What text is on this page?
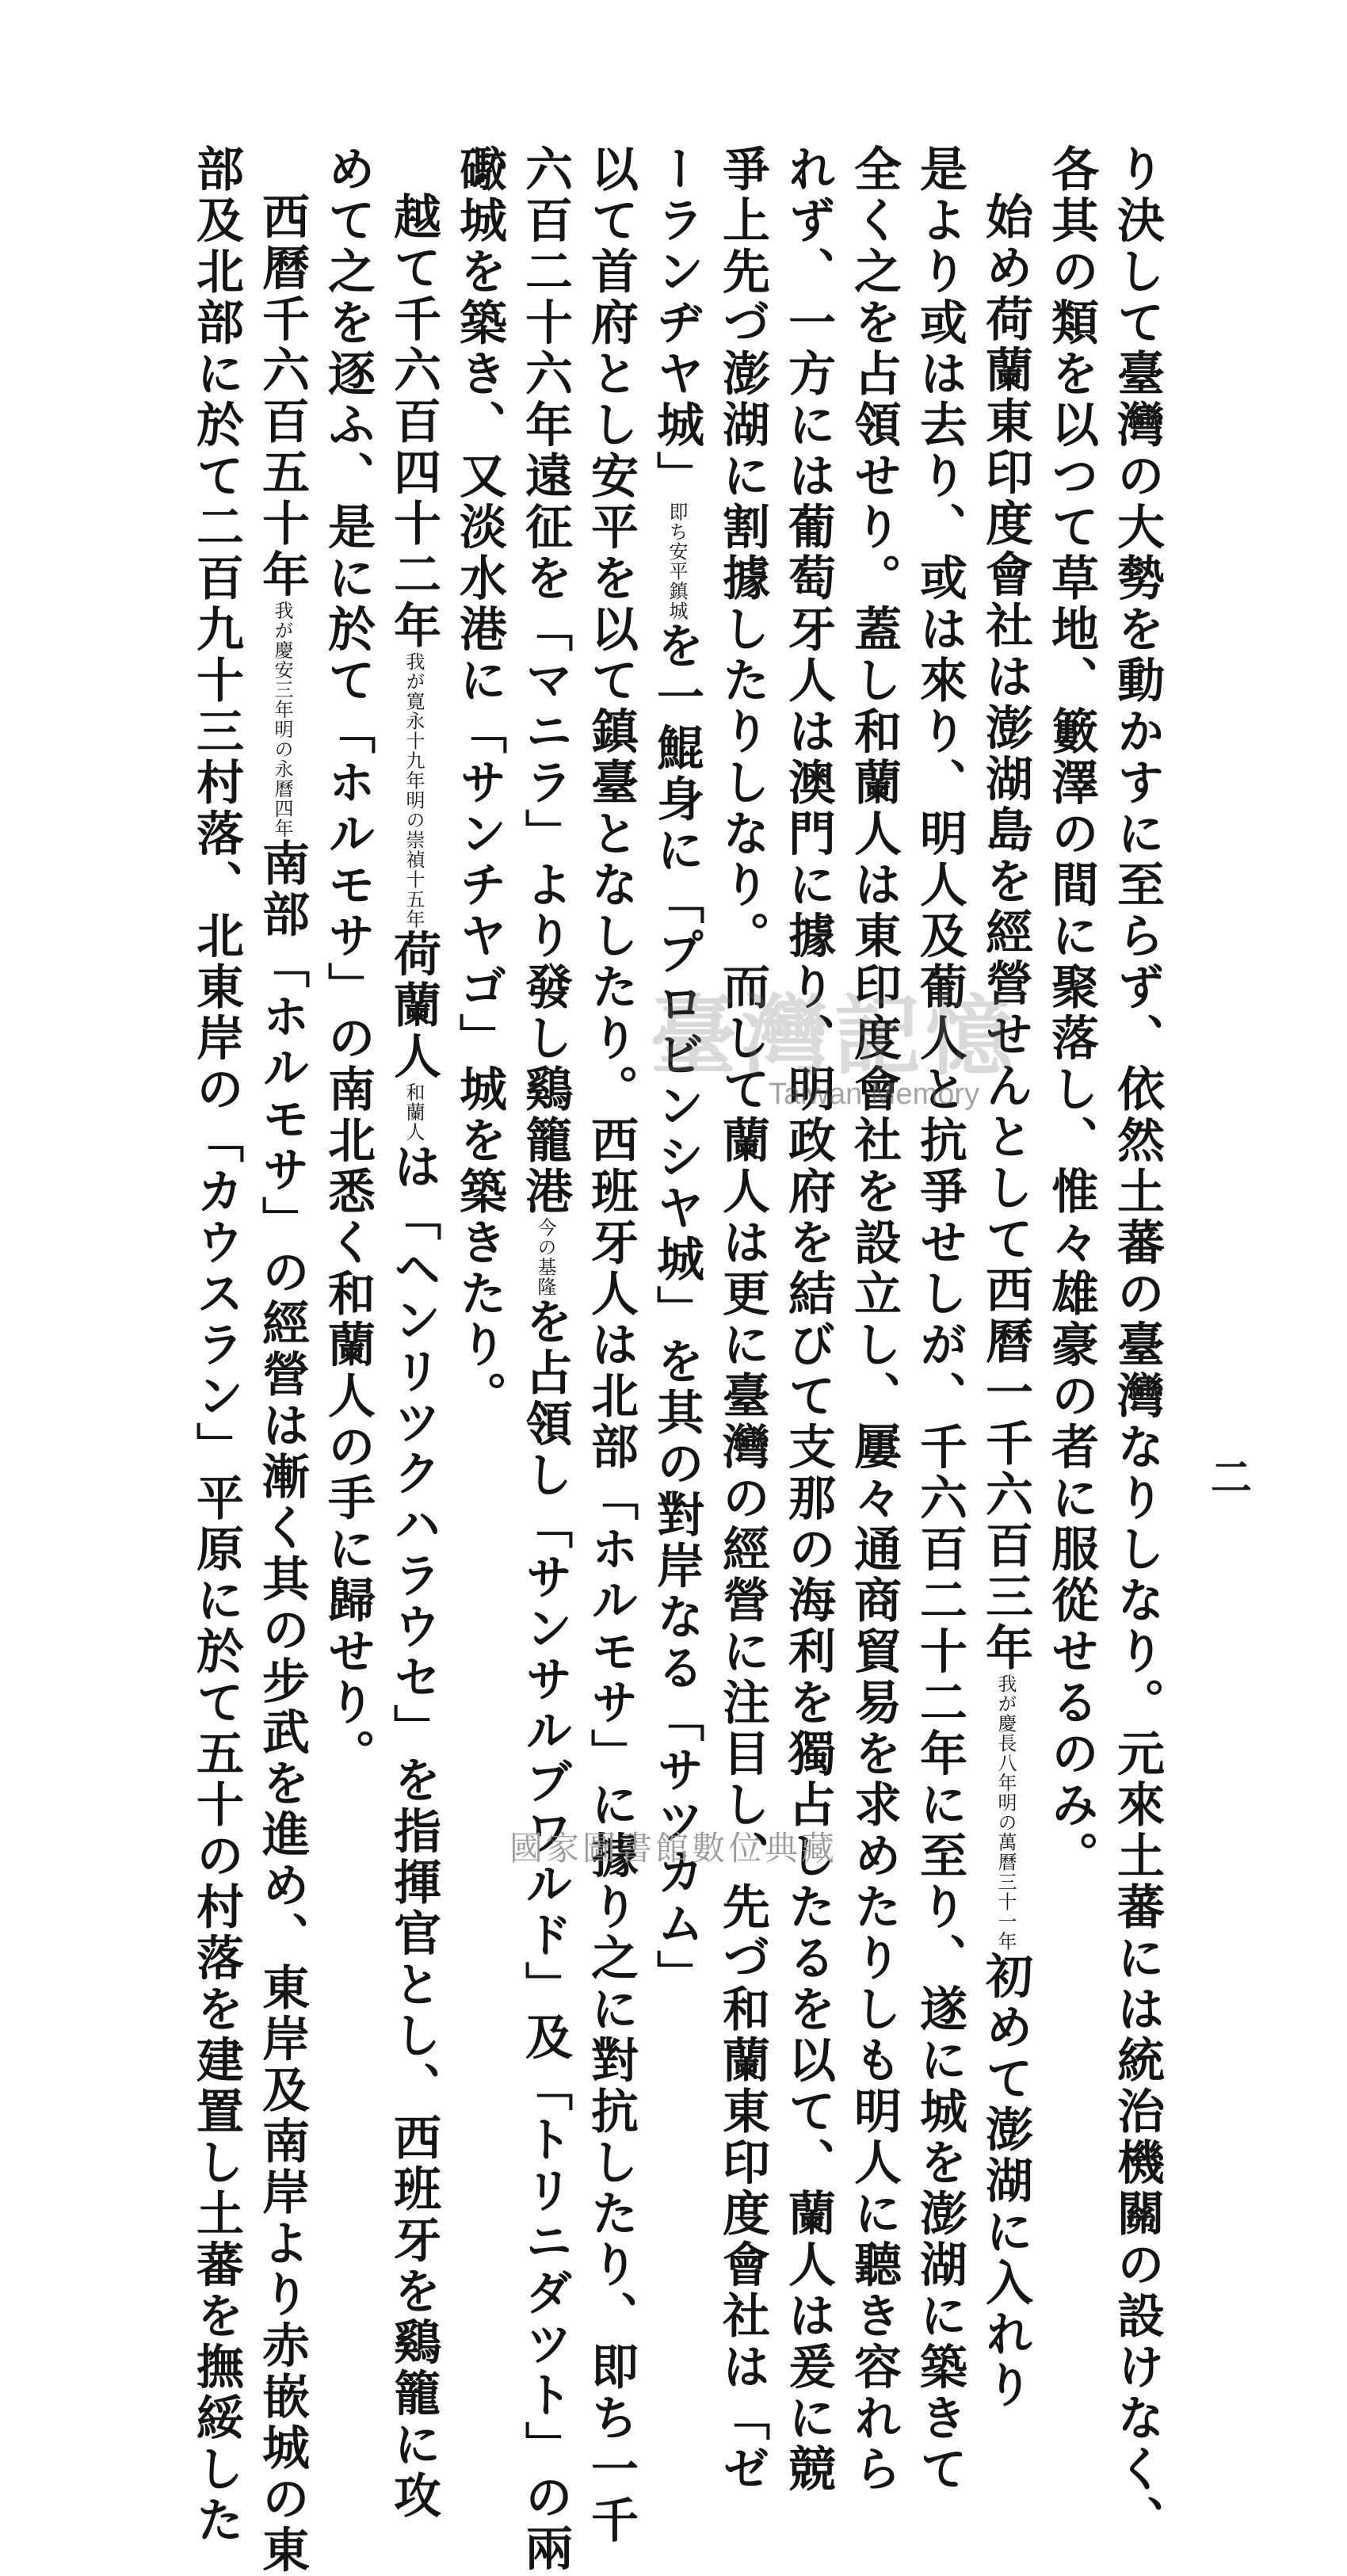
二
り決して臺灣の大勢を動かすに至らず、依然土蕃の臺灣なりしなり。元來土蕃には統治機關の設けなく、
各其の類を以つて草地、籔澤の間に聚落し、惟々雄豪の者に服從せるのみ。
始め荷蘭東印度會社は澎湖島を經營せんとして西曆一千六百三年我が慶長八年明の萬曆三十一年初めて澎湖に入れり
是より或は去り、或は來り、明人及葡人と抗爭せしが、千六百二十二年に至り、遂に城を澎湖に築きて
全く之を占領せり。蓋し和蘭人は東印度會社を設立し、屢々通商貿易を求めたりしも明人に聽き容れら
れず、一方には葡萄牙人は澳門に據り、明政府を結びて支那の海利を獨占したるを以て、蘭人は爰に競
爭上先づ澎湖に割據したりしなり。而して蘭人は更に臺灣の經營に注目し、先づ和蘭東印度會社は「ゼ
ーランヂヤ城」即ち安平鎮城を一鯤身に「プロビンシヤ城」を其の對岸なる「サツカム」
以て首府とし安平を以て鎮臺となしたり。西班牙人は北部「ホルモサ」に據り之に對抗したり、即ち一千
六百二十六年遠征を「マニラ」より發し鷄籠港今の基隆を占領し「サンサルブワルド」及「トリニダツト」の兩
礮城を築き、又淡水港に「サンチヤゴ」城を築きたり。
越て千六百四十二年我が寛永十九年明の崇禎十五年荷蘭人和蘭人は「ヘンリツクハラウセ」を指揮官とし、西班牙を鷄籠に攻
めて之を逐ふ、是に於て「ホルモサ」の南北悉く和蘭人の手に歸せり。
西曆千六百五十年我が慶安三年明の永曆四年南部「ホルモサ」の經營は漸く其の步武を進め、東岸及南岸より赤嵌城の東
部及北部に於て二百九十三村落、北東岸の「カウスラン」平原に於て五十の村落を建置し土蕃を撫綏した	臺灣記憶
Taiwan Memory
國家圖書館數位典藏
